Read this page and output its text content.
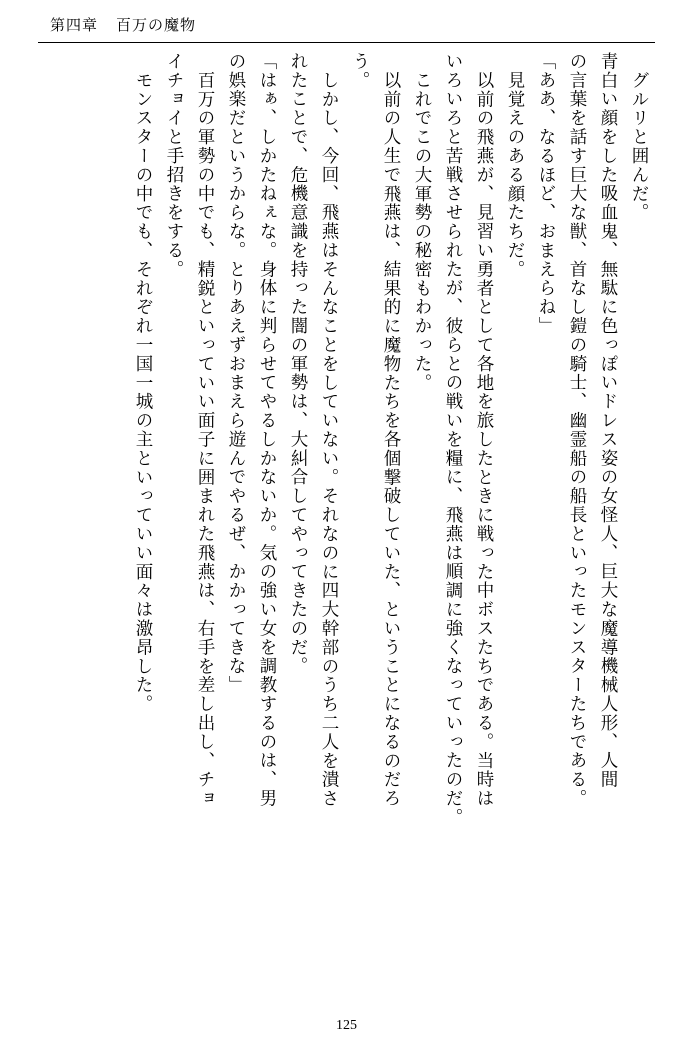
第四章 百万の魔物
グルリと囲んだ。
青白い顔をした吸血鬼、無駄に色っぽいドレス姿の女怪人、巨大な魔導機械人形、人間
の言葉を話す巨大な獣、首なし鎧の騎士、幽霊船の船長といったモンスターたちである。
「ああ、なるほど、おまえらね」
見覚えのある顔たちだ。
以前の飛燕が、見習い勇者として各地を旅したときに戦った中ボスたちである。当時は
いろいろと苦戦させられたが、彼らとの戦いを糧に、飛燕は順調に強くなっていったのだ。
これでこの大軍勢の秘密もわかった。
以前の人生で飛燕は、結果的に魔物たちを各個撃破していた、ということになるのだろ
う。
しかし、今回、飛燕はそんなことをしていない。それなのに四大幹部のうち二人を潰さ
れたことで、危機意識を持った闇の軍勢は、大糾合してやってきたのだ。
「はぁ、しかたねぇな。身体に判らせてやるしかないか。気の強い女を調教するのは、男
の娯楽だというからな。とりあえずおまえら遊んでやるぜ、かかってきな」
百万の軍勢の中でも、精鋭といっていい面子に囲まれた飛燕は、右手を差し出し、チョ
イチョイと手招きをする。
モンスターの中でも、それぞれ一国一城の主といっていい面々は激昂した。
125
